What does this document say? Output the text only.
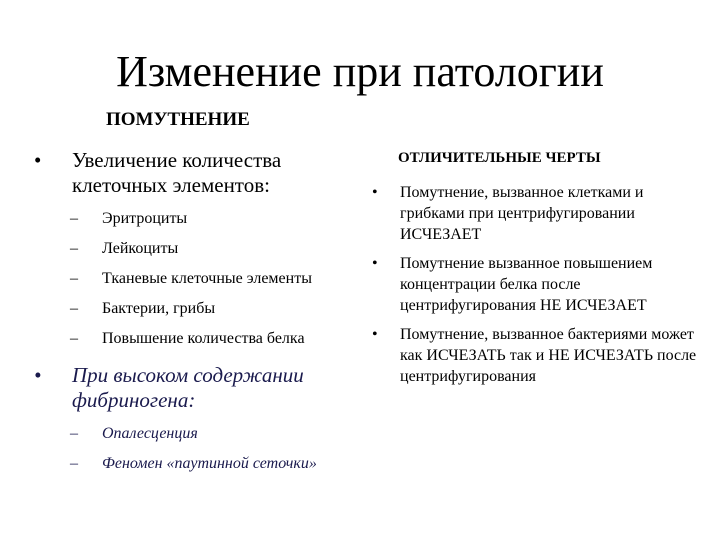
Изменение при патологии
ПОМУТНЕНИЕ
• Увеличение количества клеточных элементов:
– Эритроциты
– Лейкоциты
– Тканевые клеточные элементы
– Бактерии, грибы
– Повышение количества белка
• При высоком содержании фибриногена:
– Опалесценция
– Феномен «паутинной сеточки»
ОТЛИЧИТЕЛЬНЫЕ ЧЕРТЫ
• Помутнение, вызванное клетками и грибками при центрифугировании ИСЧЕЗАЕТ
• Помутнение вызванное повышением концентрации белка после центрифугирования НЕ ИСЧЕЗАЕТ
• Помутнение, вызванное бактериями может как ИСЧЕЗАТЬ так и НЕ ИСЧЕЗАТЬ после центрифугирования
